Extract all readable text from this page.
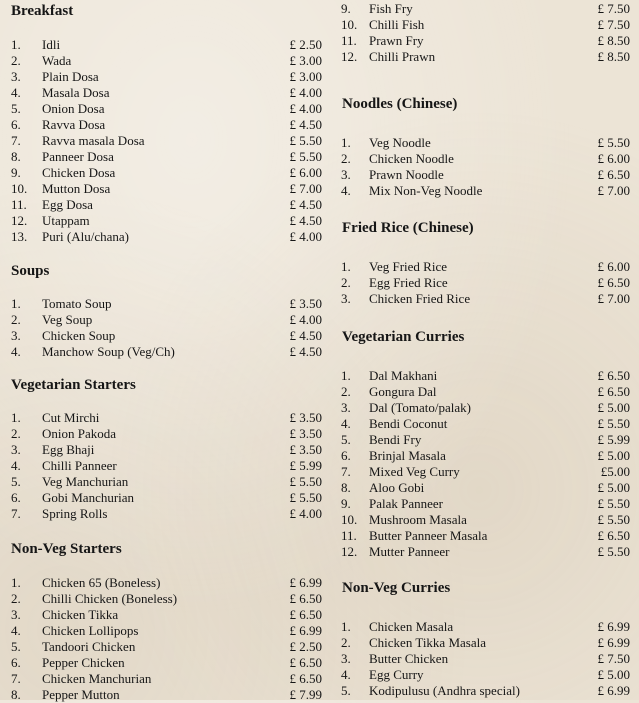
Breakfast
1. Idli	£ 2.50
2. Wada	£ 3.00
3. Plain Dosa	£ 3.00
4. Masala Dosa	£ 4.00
5. Onion Dosa	£ 4.00
6. Ravva Dosa	£ 4.50
7. Ravva masala Dosa	£ 5.50
8. Panneer Dosa	£ 5.50
9. Chicken Dosa	£ 6.00
10. Mutton Dosa	£ 7.00
11. Egg Dosa	£ 4.50
12. Utappam	£ 4.50
13. Puri (Alu/chana)	£ 4.00
Soups
1. Tomato Soup	£ 3.50
2. Veg Soup	£ 4.00
3. Chicken Soup	£ 4.50
4. Manchow Soup (Veg/Ch)	£ 4.50
Vegetarian Starters
1. Cut Mirchi	£ 3.50
2. Onion Pakoda	£ 3.50
3. Egg Bhaji	£ 3.50
4. Chilli Panneer	£ 5.99
5. Veg Manchurian	£ 5.50
6. Gobi Manchurian	£ 5.50
7. Spring Rolls	£ 4.00
Non-Veg Starters
1. Chicken 65 (Boneless)	£ 6.99
2. Chilli Chicken (Boneless)	£ 6.50
3. Chicken Tikka	£ 6.50
4. Chicken Lollipops	£ 6.99
5. Tandoori Chicken	£ 2.50
6. Pepper Chicken	£ 6.50
7. Chicken Manchurian	£ 6.50
8. Pepper Mutton	£ 7.99
9. Fish Fry	£ 7.50
10. Chilli Fish	£ 7.50
11. Prawn Fry	£ 8.50
12. Chilli Prawn	£ 8.50
Noodles (Chinese)
1. Veg Noodle	£ 5.50
2. Chicken Noodle	£ 6.00
3. Prawn Noodle	£ 6.50
4. Mix Non-Veg Noodle	£ 7.00
Fried Rice (Chinese)
1. Veg Fried Rice	£ 6.00
2. Egg Fried Rice	£ 6.50
3. Chicken Fried Rice	£ 7.00
Vegetarian Curries
1. Dal Makhani	£ 6.50
2. Gongura Dal	£ 6.50
3. Dal (Tomato/palak)	£ 5.00
4. Bendi Coconut	£ 5.50
5. Bendi Fry	£ 5.99
6. Brinjal Masala	£ 5.00
7. Mixed Veg Curry	£5.00
8. Aloo Gobi	£ 5.00
9. Palak Panneer	£ 5.50
10. Mushroom Masala	£ 5.50
11. Butter Panneer Masala	£ 6.50
12. Mutter Panneer	£ 5.50
Non-Veg Curries
1. Chicken Masala	£ 6.99
2. Chicken Tikka Masala	£ 6.99
3. Butter Chicken	£ 7.50
4. Egg Curry	£ 5.00
5. Kodipulusu (Andhra special)	£ 6.99
